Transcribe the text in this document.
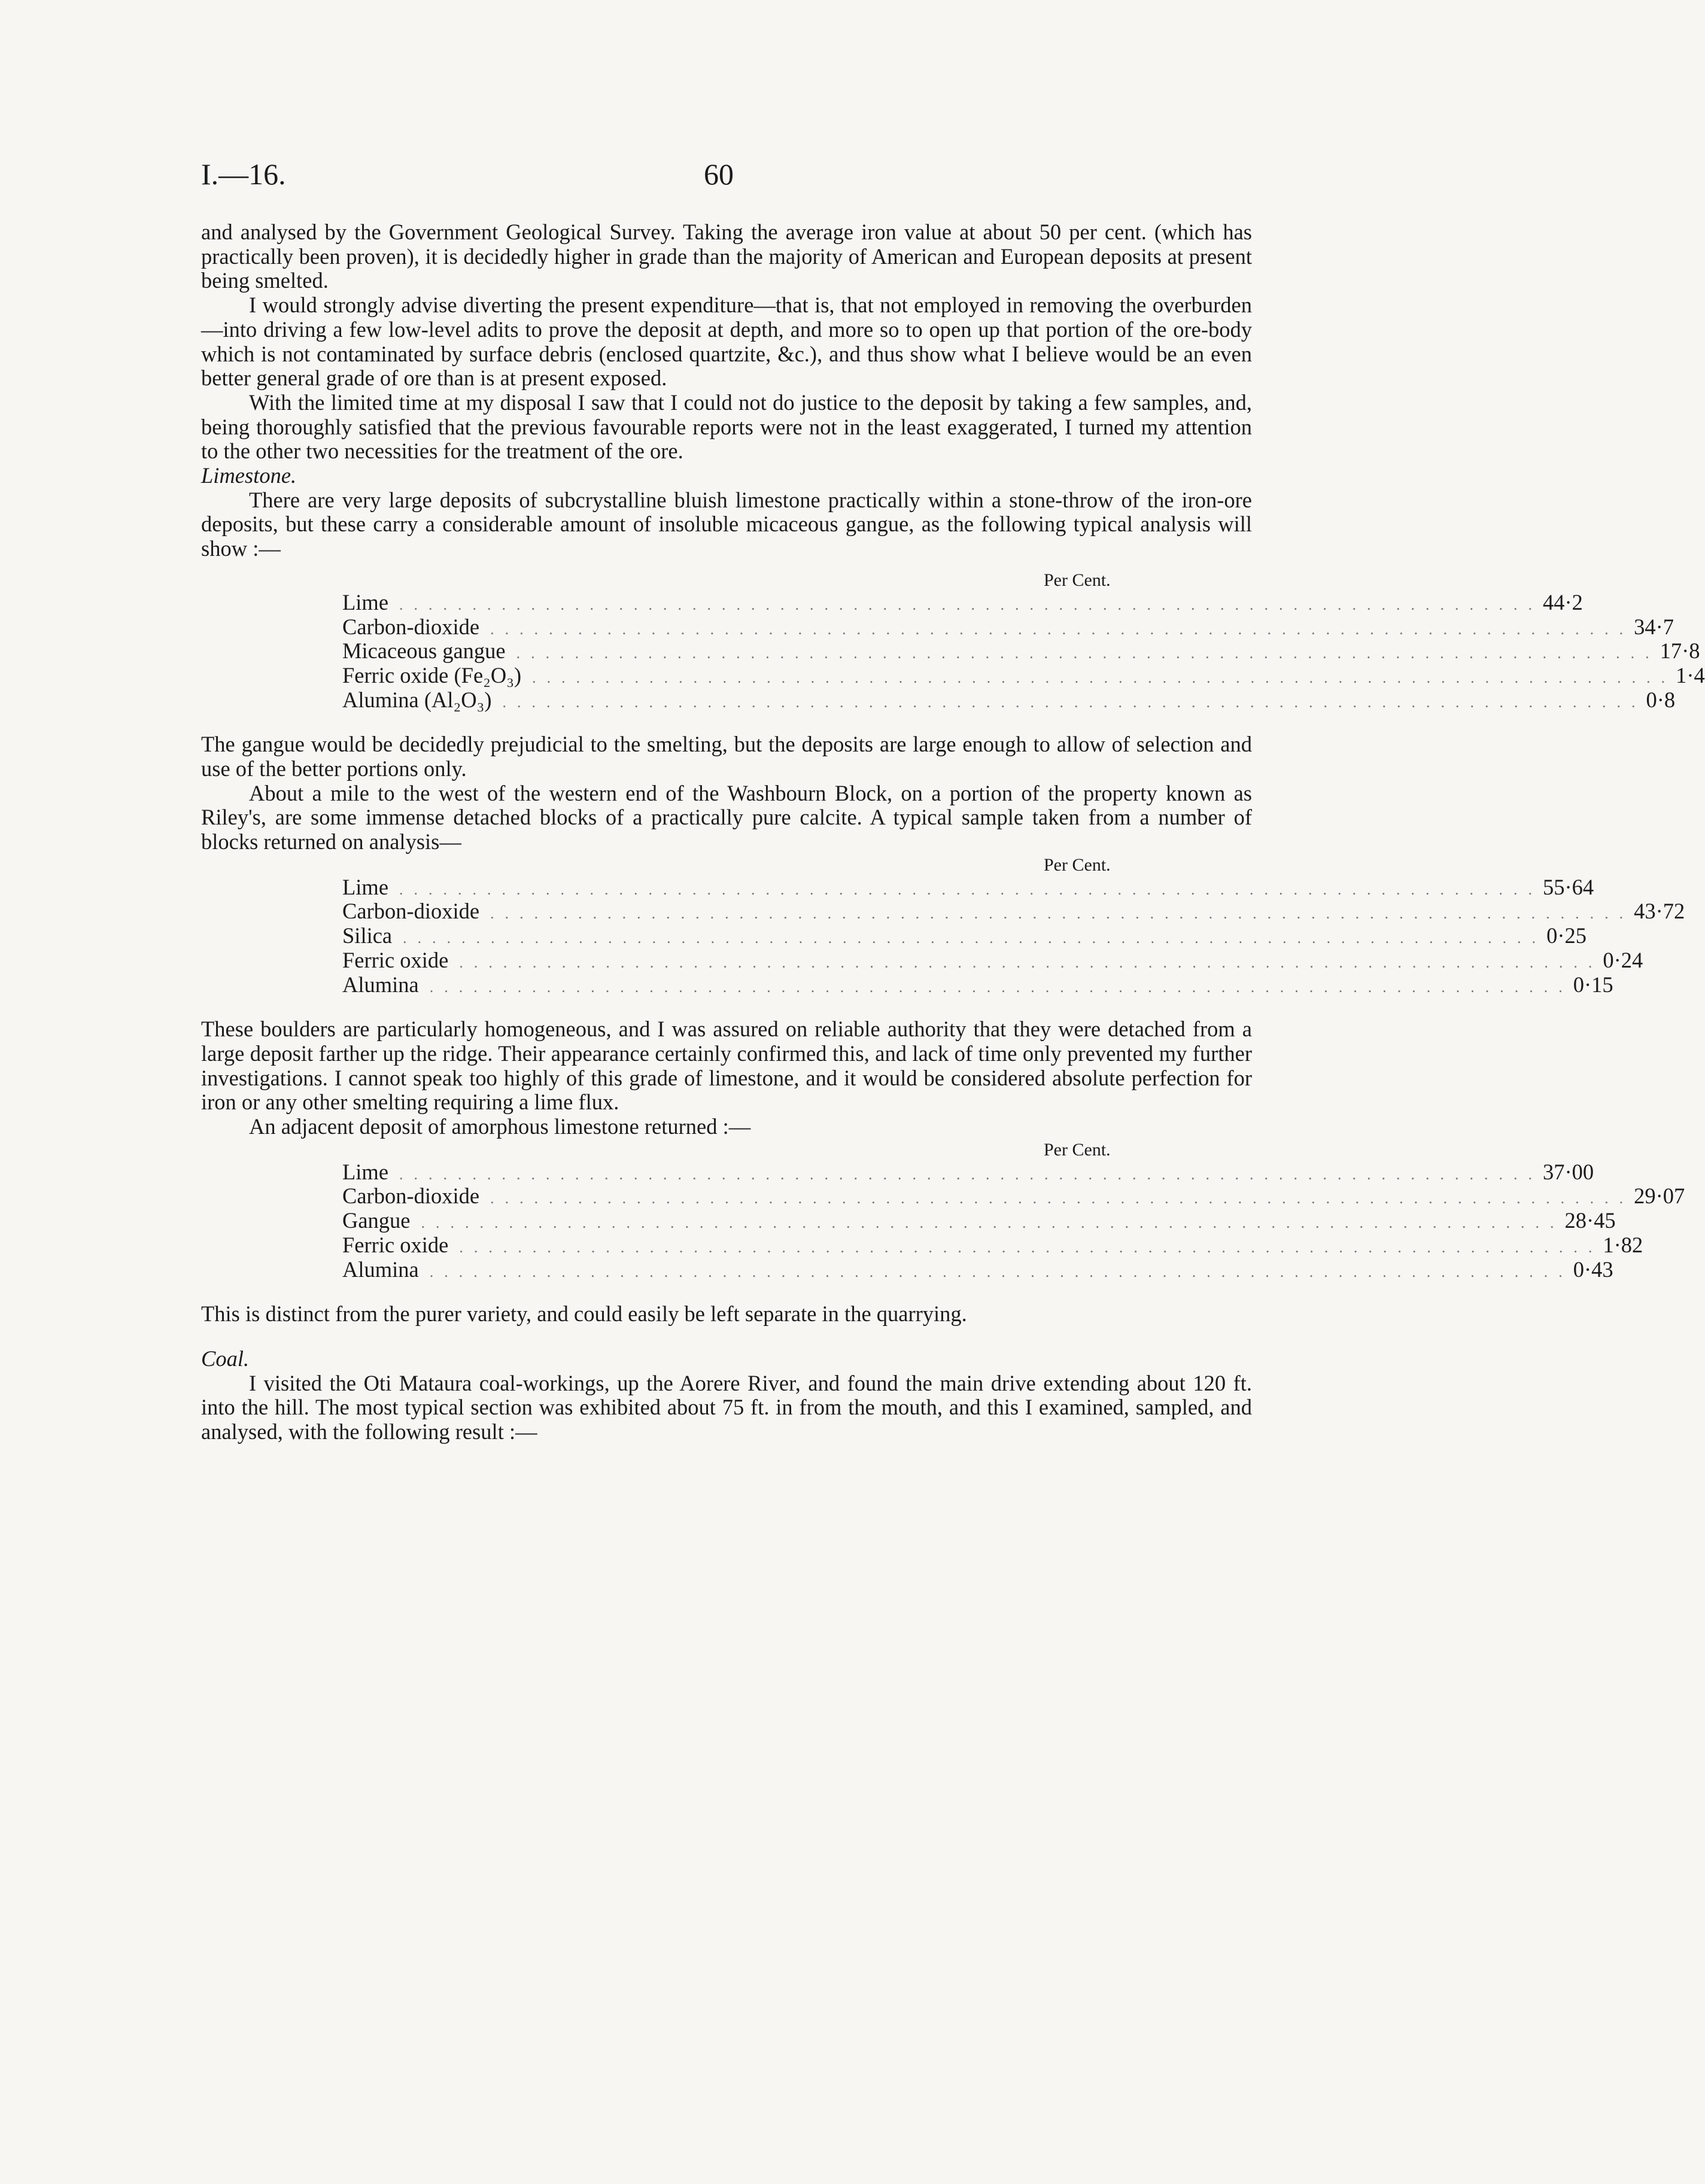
I.—16.	60

and analysed by the Government Geological Survey. Taking the average iron value at about 50 per cent. (which has practically been proven), it is decidedly higher in grade than the majority of American and European deposits at present being smelted.

I would strongly advise diverting the present expenditure—that is, that not employed in removing the overburden—into driving a few low-level adits to prove the deposit at depth, and more so to open up that portion of the ore-body which is not contaminated by surface debris (enclosed quartzite, &c.), and thus show what I believe would be an even better general grade of ore than is at present exposed.

With the limited time at my disposal I saw that I could not do justice to the deposit by taking a few samples, and, being thoroughly satisfied that the previous favourable reports were not in the least exaggerated, I turned my attention to the other two necessities for the treatment of the ore.

Limestone.

There are very large deposits of subcrystalline bluish limestone practically within a stone-throw of the iron-ore deposits, but these carry a considerable amount of insoluble micaceous gangue, as the following typical analysis will show :—

Per Cent.
Lime .............................................................................. 44·2
Carbon-dioxide .............................................................................. 34·7
Micaceous gangue .............................................................................. 17·8
Ferric oxide (Fe₂O₃) .............................................................................. 1·4
Alumina (Al₂O₃) .............................................................................. 0·8

The gangue would be decidedly prejudicial to the smelting, but the deposits are large enough to allow of selection and use of the better portions only.

About a mile to the west of the western end of the Washbourn Block, on a portion of the property known as Riley's, are some immense detached blocks of a practically pure calcite. A typical sample taken from a number of blocks returned on analysis—

Per Cent.
Lime .............................................................................. 55·64
Carbon-dioxide .............................................................................. 43·72
Silica .............................................................................. 0·25
Ferric oxide .............................................................................. 0·24
Alumina .............................................................................. 0·15

These boulders are particularly homogeneous, and I was assured on reliable authority that they were detached from a large deposit farther up the ridge. Their appearance certainly confirmed this, and lack of time only prevented my further investigations. I cannot speak too highly of this grade of limestone, and it would be considered absolute perfection for iron or any other smelting requiring a lime flux.

An adjacent deposit of amorphous limestone returned :—

Per Cent.
Lime .............................................................................. 37·00
Carbon-dioxide .............................................................................. 29·07
Gangue .............................................................................. 28·45
Ferric oxide .............................................................................. 1·82
Alumina .............................................................................. 0·43

This is distinct from the purer variety, and could easily be left separate in the quarrying.

Coal.

I visited the Oti Mataura coal-workings, up the Aorere River, and found the main drive extending about 120 ft. into the hill. The most typical section was exhibited about 75 ft. in from the mouth, and this I examined, sampled, and analysed, with the following result :—
